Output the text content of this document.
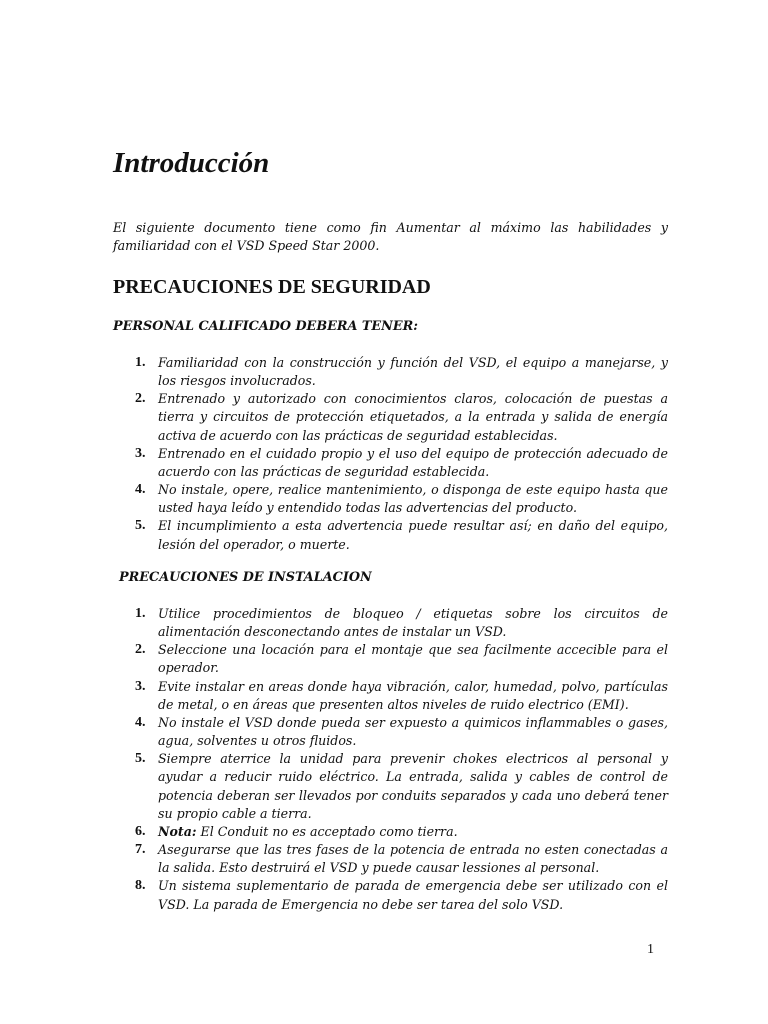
Introducción

El siguiente documento tiene como fin Aumentar al máximo las habilidades y familiaridad con el VSD Speed Star 2000.

PRECAUCIONES DE SEGURIDAD
PERSONAL CALIFICADO DEBERA TENER:
1. Familiaridad con la construcción y función del VSD, el equipo a manejarse, y los riesgos involucrados.
2. Entrenado y autorizado con conocimientos claros, colocación de puestas a tierra y circuitos de protección etiquetados, a la entrada y salida de energía activa de acuerdo con las prácticas de seguridad establecidas.
3. Entrenado en el cuidado propio y el uso del equipo de protección adecuado de acuerdo con las prácticas de seguridad establecida.
4. No instale, opere, realice mantenimiento, o disponga de este equipo hasta que usted haya leído y entendido todas las advertencias del producto.
5. El incumplimiento a esta advertencia puede resultar así; en daño del equipo, lesión del operador, o muerte.
PRECAUCIONES DE INSTALACION
1. Utilice procedimientos de bloqueo / etiquetas sobre los circuitos de alimentación desconectando antes de instalar un VSD.
2. Seleccione una locación para el montaje que sea facilmente accecible para el operador.
3. Evite instalar en areas donde haya vibración, calor, humedad, polvo, partículas de metal, o en áreas que presenten altos niveles de ruido electrico (EMI).
4. No instale el VSD donde pueda ser expuesto a quimicos inflammables o gases, agua, solventes u otros fluidos.
5. Siempre aterrice la unidad para prevenir chokes electricos al personal y ayudar a reducir ruido eléctrico. La entrada, salida y cables de control de potencia deberan ser llevados por conduits separados y cada uno deberá tener su propio cable a tierra.
6. Nota: El Conduit no es acceptado como tierra.
7. Asegurarse que las tres fases de la potencia de entrada no esten conectadas a la salida. Esto destruirá el VSD y puede causar lessiones al personal.
8. Un sistema suplementario de parada de emergencia debe ser utilizado con el VSD. La parada de Emergencia no debe ser tarea del solo VSD.
1
